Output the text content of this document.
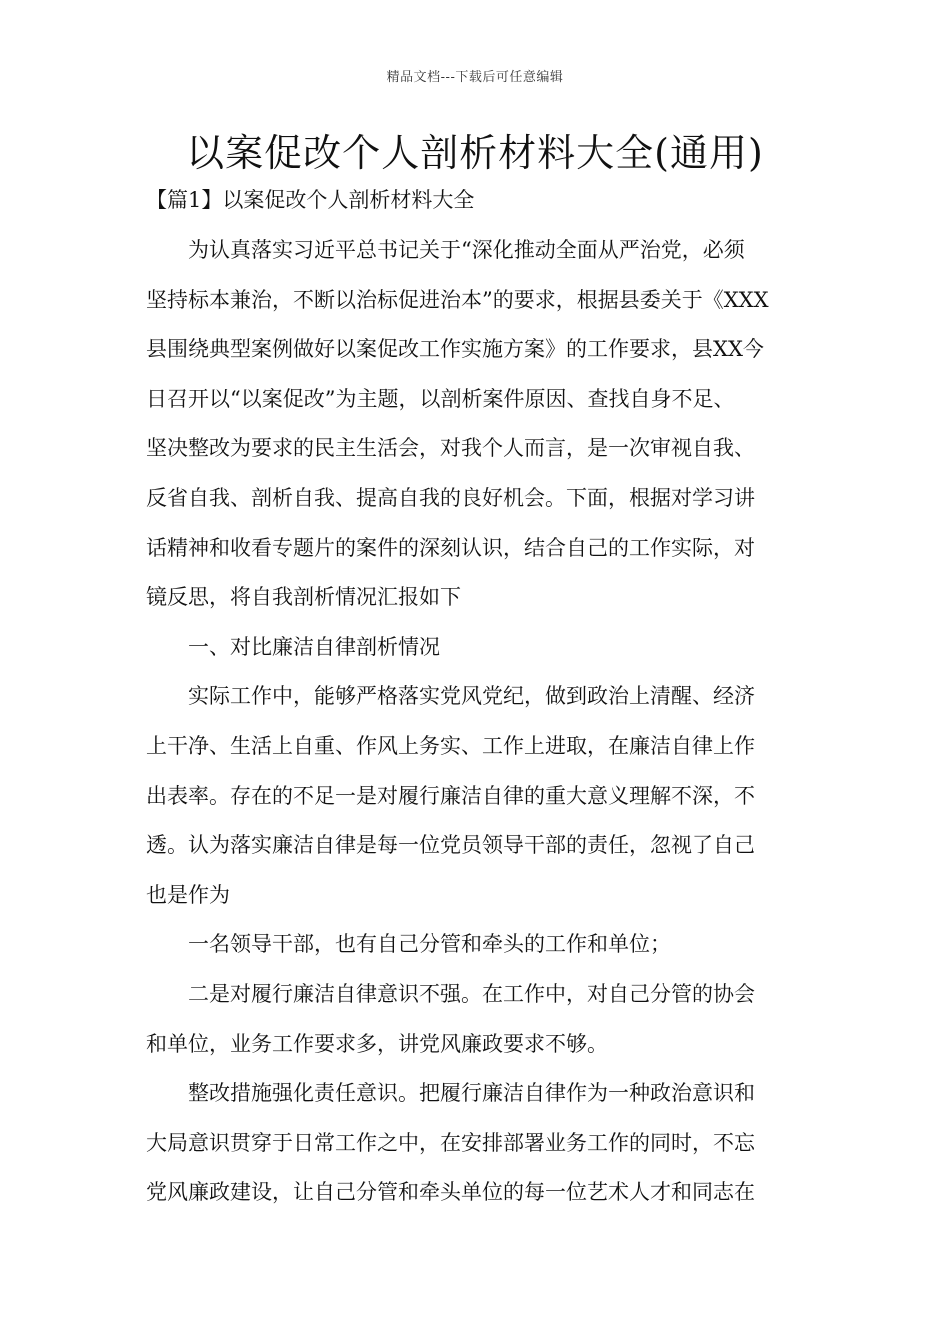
精品文档---下载后可任意编辑
以案促改个人剖析材料大全(通用)
【篇1】以案促改个人剖析材料大全

为认真落实习近平总书记关于“深化推动全面从严治党，必须
坚持标本兼治，不断以治标促进治本”的要求，根据县委关于《XXX
县围绕典型案例做好以案促改工作实施方案》的工作要求，县XX今
日召开以“以案促改”为主题，以剖析案件原因、查找自身不足、
坚决整改为要求的民主生活会，对我个人而言，是一次审视自我、
反省自我、剖析自我、提高自我的良好机会。下面，根据对学习讲
话精神和收看专题片的案件的深刻认识，结合自己的工作实际，对
镜反思，将自我剖析情况汇报如下

一、对比廉洁自律剖析情况

实际工作中，能够严格落实党风党纪，做到政治上清醒、经济
上干净、生活上自重、作风上务实、工作上进取，在廉洁自律上作
出表率。存在的不足一是对履行廉洁自律的重大意义理解不深，不
透。认为落实廉洁自律是每一位党员领导干部的责任，忽视了自己
也是作为

一名领导干部，也有自己分管和牵头的工作和单位；

二是对履行廉洁自律意识不强。在工作中，对自己分管的协会
和单位，业务工作要求多，讲党风廉政要求不够。

整改措施强化责任意识。把履行廉洁自律作为一种政治意识和
大局意识贯穿于日常工作之中，在安排部署业务工作的同时，不忘
党风廉政建设，让自己分管和牵头单位的每一位艺术人才和同志在
